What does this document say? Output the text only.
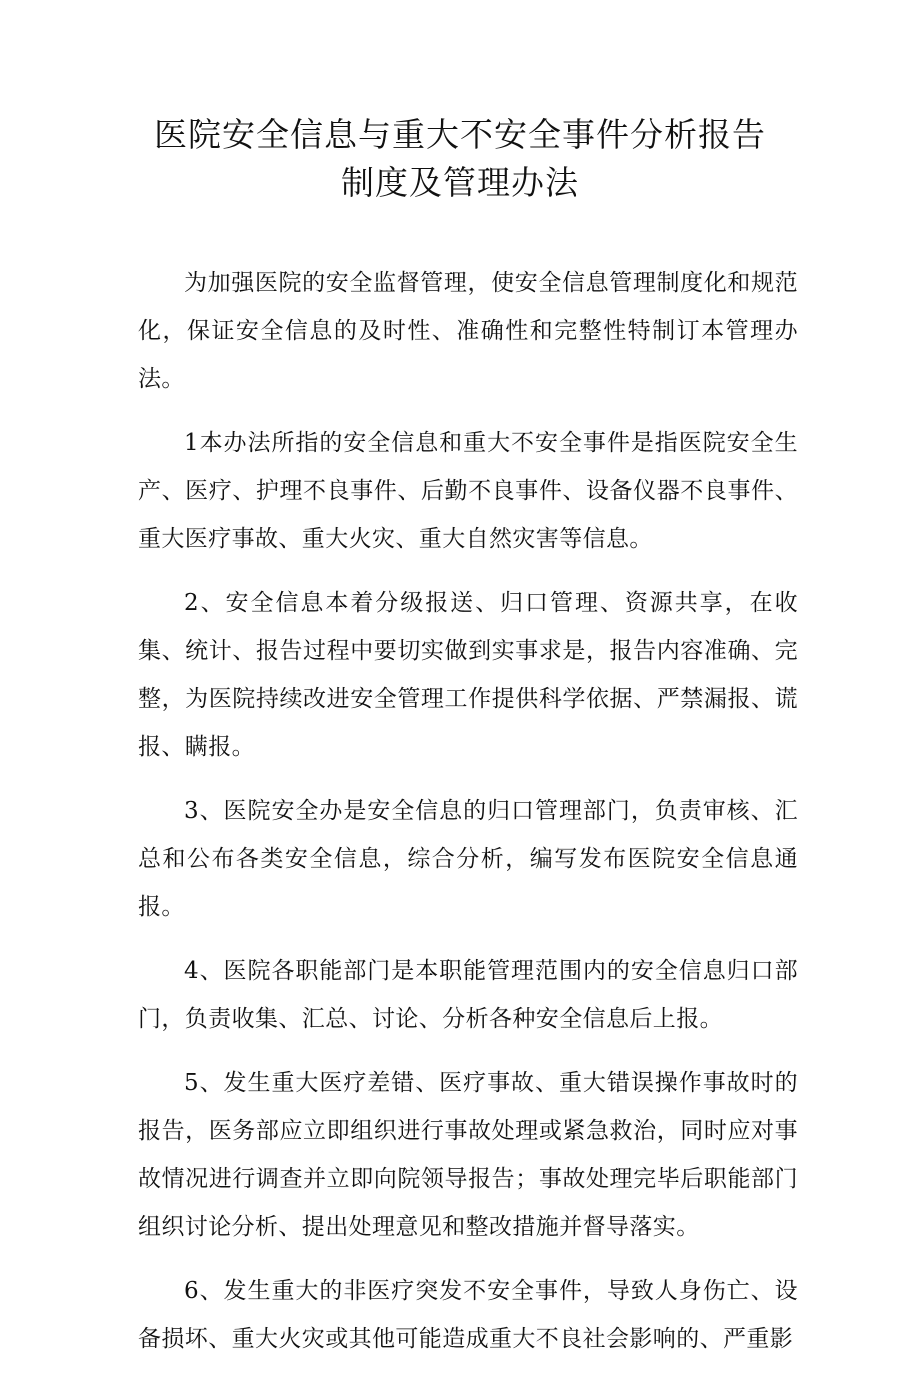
医院安全信息与重大不安全事件分析报告
制度及管理办法

为加强医院的安全监督管理，使安全信息管理制度化和规范化，保证安全信息的及时性、准确性和完整性特制订本管理办法。

1本办法所指的安全信息和重大不安全事件是指医院安全生产、医疗、护理不良事件、后勤不良事件、设备仪器不良事件、重大医疗事故、重大火灾、重大自然灾害等信息。

2、安全信息本着分级报送、归口管理、资源共享，在收集、统计、报告过程中要切实做到实事求是，报告内容准确、完整，为医院持续改进安全管理工作提供科学依据、严禁漏报、谎报、瞒报。

3、医院安全办是安全信息的归口管理部门，负责审核、汇总和公布各类安全信息，综合分析，编写发布医院安全信息通报。

4、医院各职能部门是本职能管理范围内的安全信息归口部门，负责收集、汇总、讨论、分析各种安全信息后上报。

5、发生重大医疗差错、医疗事故、重大错误操作事故时的报告，医务部应立即组织进行事故处理或紧急救治，同时应对事故情况进行调查并立即向院领导报告；事故处理完毕后职能部门组织讨论分析、提出处理意见和整改措施并督导落实。

6、发生重大的非医疗突发不安全事件，导致人身伤亡、设备损坏、重大火灾或其他可能造成重大不良社会影响的、严重影
